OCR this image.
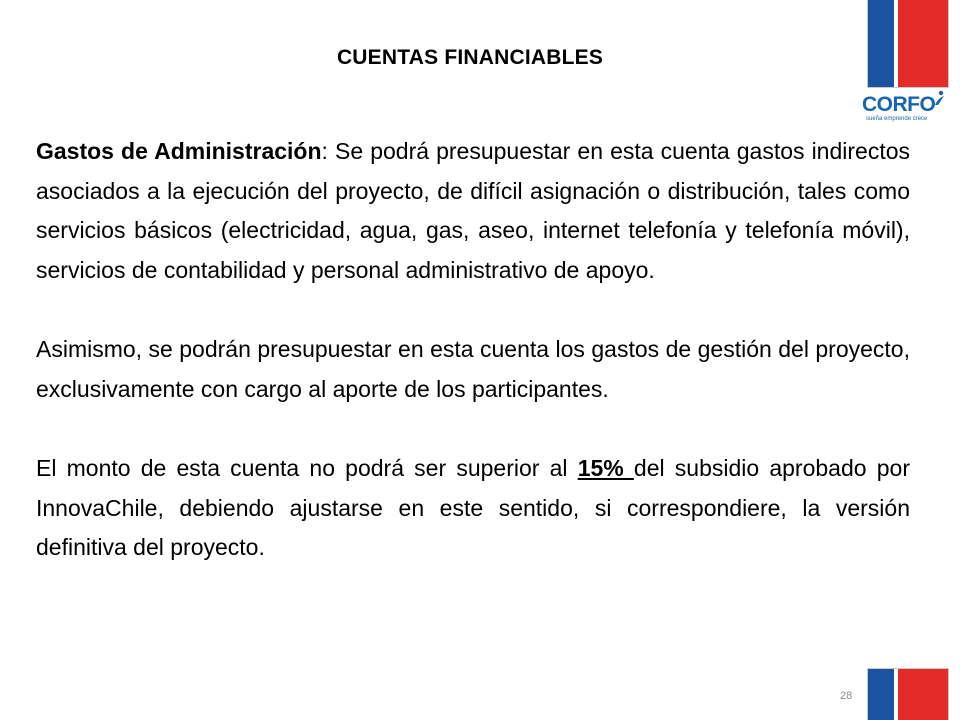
CORFO
sueña emprende crece
CUENTAS FINANCIABLES

Gastos de Administración: Se podrá presupuestar en esta cuenta gastos indirectos asociados a la ejecución del proyecto, de difícil asignación o distribución, tales como servicios básicos (electricidad, agua, gas, aseo, internet telefonía y telefonía móvil), servicios de contabilidad y personal administrativo de apoyo.

Asimismo, se podrán presupuestar en esta cuenta los gastos de gestión del proyecto, exclusivamente con cargo al aporte de los participantes.

El monto de esta cuenta no podrá ser superior al 15% del subsidio aprobado por InnovaChile, debiendo ajustarse en este sentido, si correspondiere, la versión definitiva del proyecto.

28
